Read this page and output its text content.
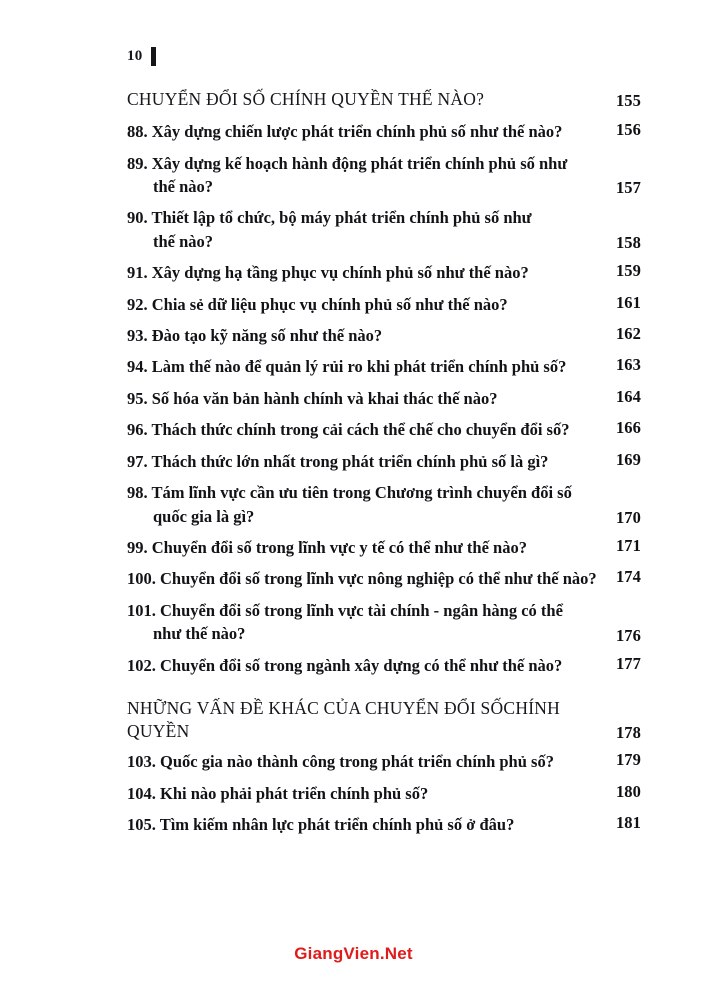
10
CHUYỂN ĐỔI SỐ CHÍNH QUYỀN THẾ NÀO?	155
88. Xây dựng chiến lược phát triển chính phủ số như thế nào?	156
89. Xây dựng kế hoạch hành động phát triển chính phủ số như
thế nào?	157
90. Thiết lập tổ chức, bộ máy phát triển chính phủ số như
thế nào?	158
91. Xây dựng hạ tầng phục vụ chính phủ số như thế nào?	159
92. Chia sẻ dữ liệu phục vụ chính phủ số như thế nào?	161
93. Đào tạo kỹ năng số như thế nào?	162
94. Làm thế nào để quản lý rủi ro khi phát triển chính phủ số?	163
95. Số hóa văn bản hành chính và khai thác thế nào?	164
96. Thách thức chính trong cải cách thể chế cho chuyển đổi số?	166
97. Thách thức lớn nhất trong phát triển chính phủ số là gì?	169
98. Tám lĩnh vực cần ưu tiên trong Chương trình chuyển đổi số
quốc gia là gì?	170
99. Chuyển đổi số trong lĩnh vực y tế có thể như thế nào?	171
100. Chuyển đổi số trong lĩnh vực nông nghiệp có thể như thế nào?	174
101. Chuyển đổi số trong lĩnh vực tài chính - ngân hàng có thể
như thế nào?	176
102. Chuyển đổi số trong ngành xây dựng có thể như thế nào?	177
NHỮNG VẤN ĐỀ KHÁC CỦA CHUYỂN ĐỔI SỐCHÍNH QUYỀN	178
103. Quốc gia nào thành công trong phát triển chính phủ số?	179
104. Khi nào phải phát triển chính phủ số?	180
105. Tìm kiếm nhân lực phát triển chính phủ số ở đâu?	181
GiangVien.Net
